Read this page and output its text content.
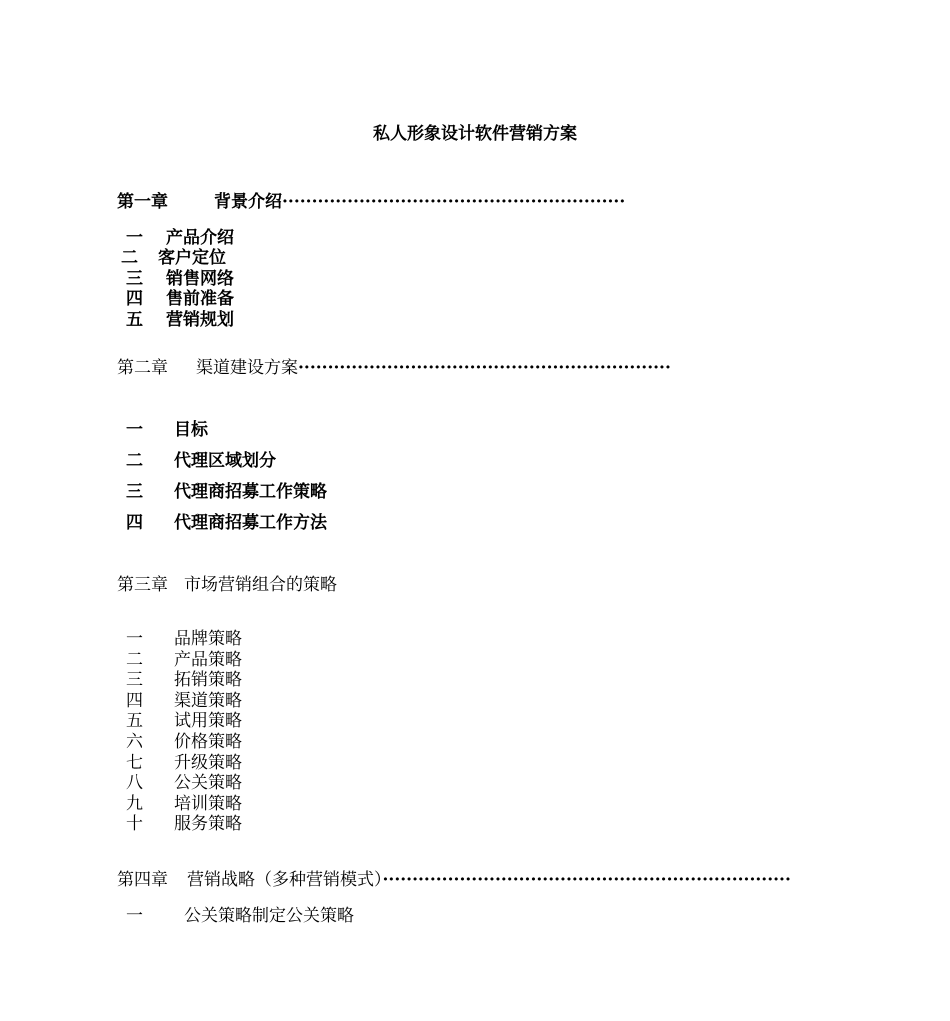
私人形象设计软件营销方案
第一章	背景介绍··························································
一 产品介绍
二 客户定位
三 销售网络
四 售前准备
五 营销规划
第二章 渠道建设方案·······························································
一 目标
二 代理区域划分
三 代理商招募工作策略
四 代理商招募工作方法
第三章 市场营销组合的策略
一 品牌策略
二 产品策略
三 拓销策略
四 渠道策略
五 试用策略
六 价格策略
七 升级策略
八 公关策略
九 培训策略
十 服务策略
第四章 营销战略（多种营销模式）·····································································
一 公关策略制定公关策略
